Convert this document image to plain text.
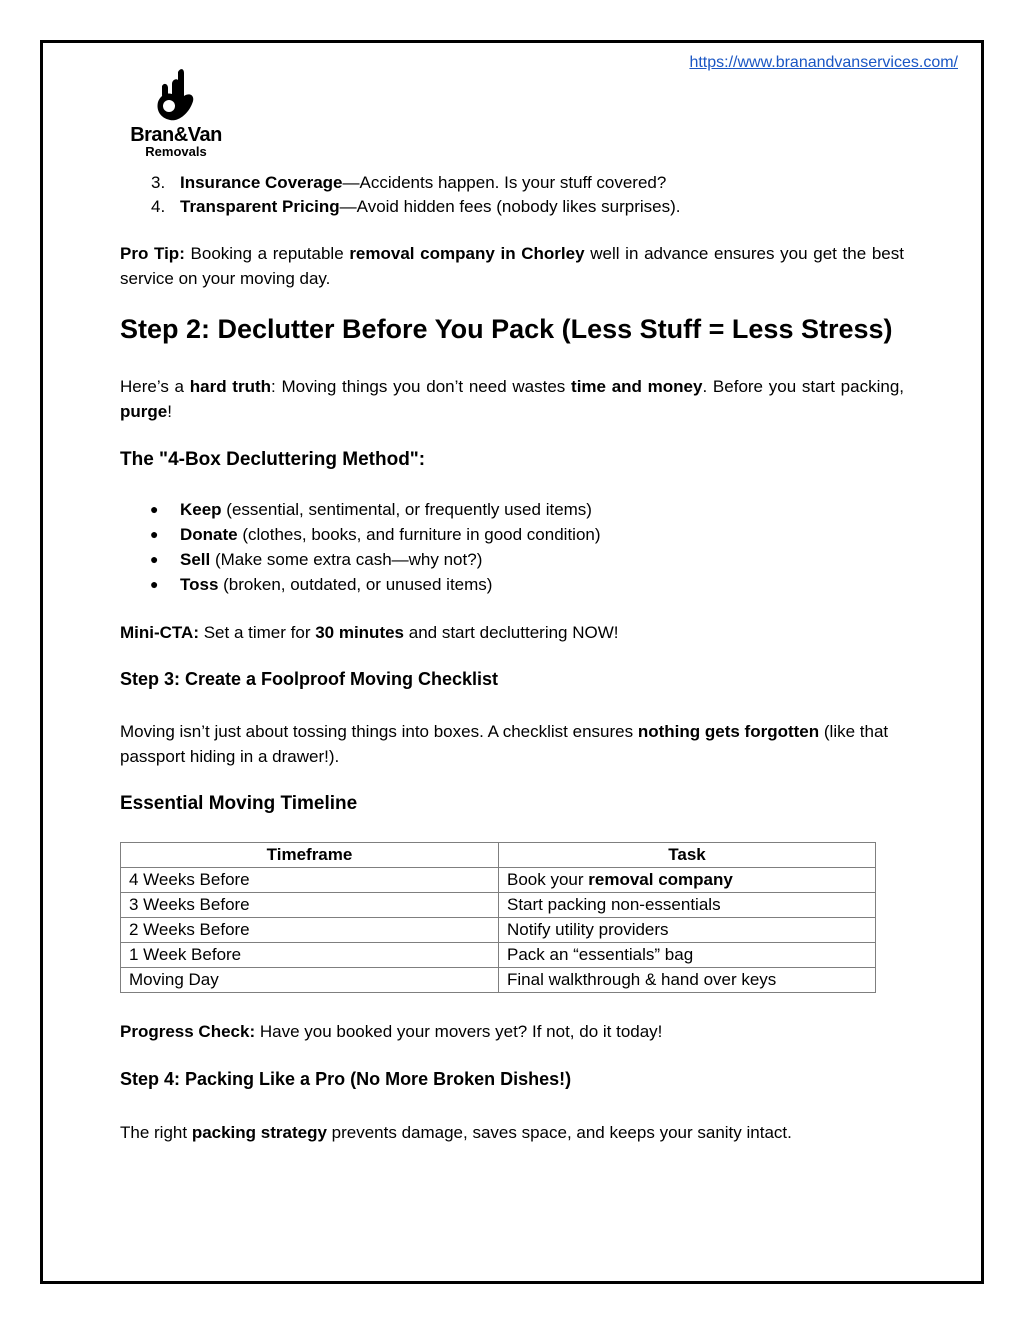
https://www.branandvanservices.com/
Bran&Van
Removals
3. Insurance Coverage—Accidents happen. Is your stuff covered?
4. Transparent Pricing—Avoid hidden fees (nobody likes surprises).

Pro Tip: Booking a reputable removal company in Chorley well in advance ensures you get the best service on your moving day.

Step 2: Declutter Before You Pack (Less Stuff = Less Stress)

Here’s a hard truth: Moving things you don’t need wastes time and money. Before you start packing, purge!

The "4-Box Decluttering Method":
● Keep (essential, sentimental, or frequently used items)
● Donate (clothes, books, and furniture in good condition)
● Sell (Make some extra cash—why not?)
● Toss (broken, outdated, or unused items)

Mini-CTA: Set a timer for 30 minutes and start decluttering NOW!

Step 3: Create a Foolproof Moving Checklist

Moving isn’t just about tossing things into boxes. A checklist ensures nothing gets forgotten (like that passport hiding in a drawer!).

Essential Moving Timeline
Timeframe	Task
4 Weeks Before	Book your removal company
3 Weeks Before	Start packing non-essentials
2 Weeks Before	Notify utility providers
1 Week Before	Pack an “essentials” bag
Moving Day	Final walkthrough & hand over keys

Progress Check: Have you booked your movers yet? If not, do it today!

Step 4: Packing Like a Pro (No More Broken Dishes!)

The right packing strategy prevents damage, saves space, and keeps your sanity intact.
